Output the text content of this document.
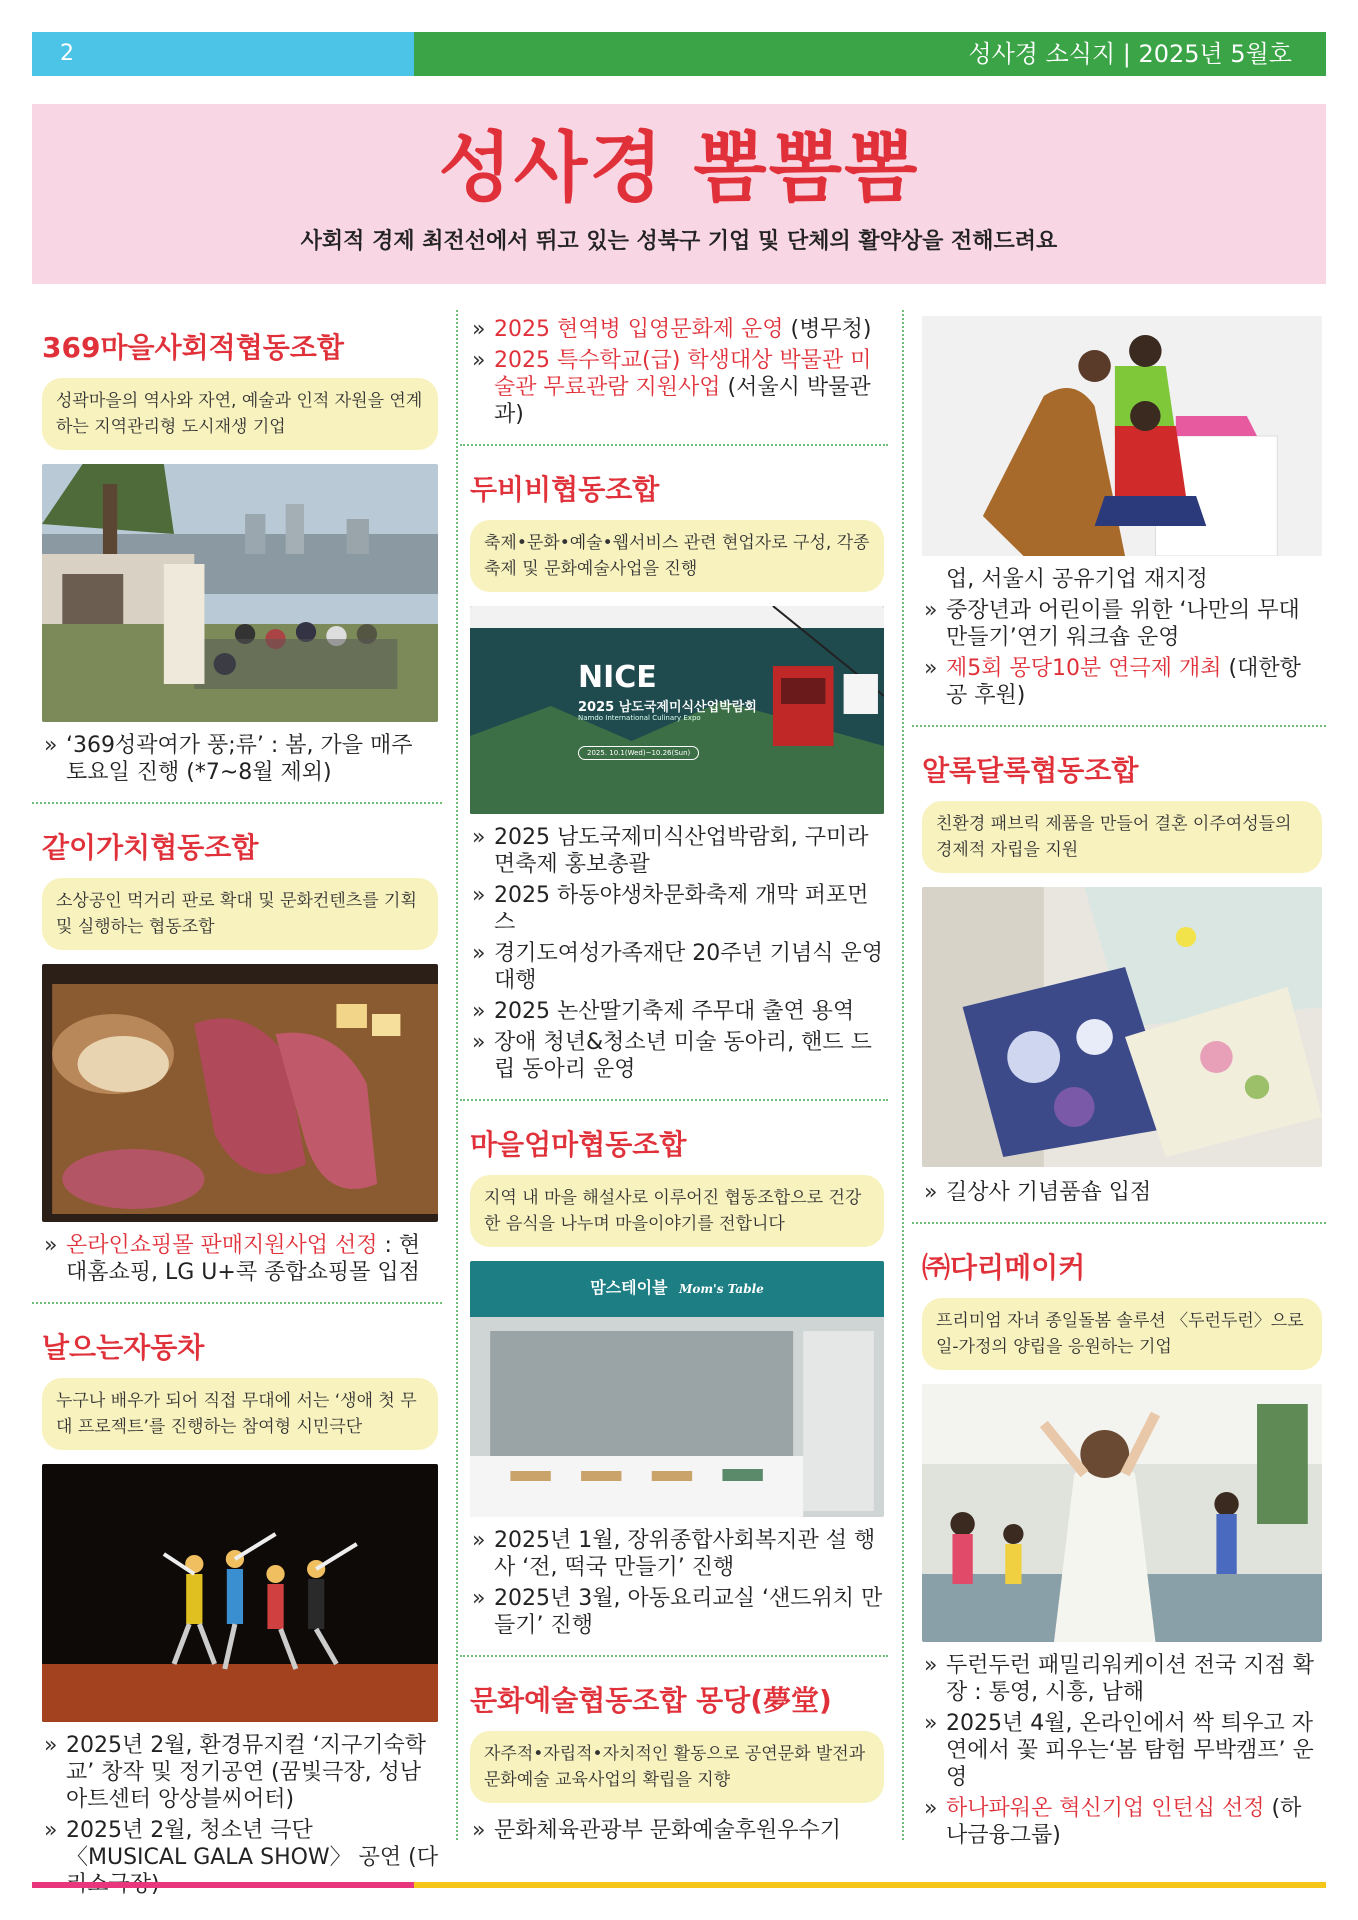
2	성사경 소식지 | 2025년 5월호
성사경 뽐뽐뽐

사회적 경제 최전선에서 뛰고 있는 성북구 기업 및 단체의 활약상을 전해드려요

369마을사회적협동조합
성곽마을의 역사와 자연, 예술과 인적 자원을 연계하는 지역관리형 도시재생 기업
» ‘369성곽여가 풍;류’ : 봄, 가을 매주 토요일 진행 (*7~8월 제외)
같이가치협동조합
소상공인 먹거리 판로 확대 및 문화컨텐츠를 기획 및 실행하는 협동조합
» 온라인쇼핑몰 판매지원사업 선정 : 현대홈쇼핑, LG U+콕 종합쇼핑몰 입점
날으는자동차
누구나 배우가 되어 직접 무대에 서는 ‘생애 첫 무대 프로젝트’를 진행하는 참여형 시민극단
» 2025년 2월, 환경뮤지컬 ‘지구기숙학교’ 창작 및 정기공연 (꿈빛극장, 성남아트센터 앙상블씨어터)
» 2025년 2월, 청소년 극단 〈MUSICAL GALA SHOW〉 공연 (다
» 2025 현역병 입영문화제 운영 (병무청)
» 2025 특수학교(급) 학생대상 박물관 미술관 무료관람 지원사업 (서울시 박물관과)
두비비협동조합
축제•문화•예술•웹서비스 관련 현업자로 구성, 각종 축제 및 문화예술사업을 진행
NICE
2025 남도국제미식산업박람회
Namdo International Culinary Expo
2025. 10.1(Wed)~10.26(Sun)
» 2025 남도국제미식산업박람회, 구미라면축제 홍보총괄
» 2025 하동야생차문화축제 개막 퍼포먼스
» 경기도여성가족재단 20주년 기념식 운영 대행
» 2025 논산딸기축제 주무대 출연 용역
» 장애 청년&청소년 미술 동아리, 핸드 드립 동아리 운영
마을엄마협동조합
지역 내 마을 해설사로 이루어진 협동조합으로 건강한 음식을 나누며 마을이야기를 전합니다
맘스테이블 Mom's Table
» 2025년 1월, 장위종합사회복지관 설 행사 ‘전, 떡국 만들기’ 진행
» 2025년 3월, 아동요리교실 ‘샌드위치 만들기’ 진행
문화예술협동조합 몽당(夢堂)
자주적•자립적•자치적인 활동으로 공연문화 발전과 문화예술 교육사업의 확립을 지향
» 문화체육관광부 문화예술후원우수기
업, 서울시 공유기업 재지정
» 중장년과 어린이를 위한 ‘나만의 무대 만들기’연기 워크숍 운영
» 제5회 몽당10분 연극제 개최 (대한항공 후원)
알록달록협동조합
친환경 패브릭 제품을 만들어 결혼 이주여성들의 경제적 자립을 지원
» 길상사 기념품숍 입점
㈜다리메이커
프리미엄 자녀 종일돌봄 솔루션 〈두런두런〉으로 일-가정의 양립을 응원하는 기업
» 두런두런 패밀리워케이션 전국 지점 확장 : 통영, 시흥, 남해
» 2025년 4월, 온라인에서 싹 틔우고 자연에서 꽃 피우는‘봄 탐험 무박캠프’ 운영
» 하나파워온 혁신기업 인턴십 선정 (하나금융그룹)
